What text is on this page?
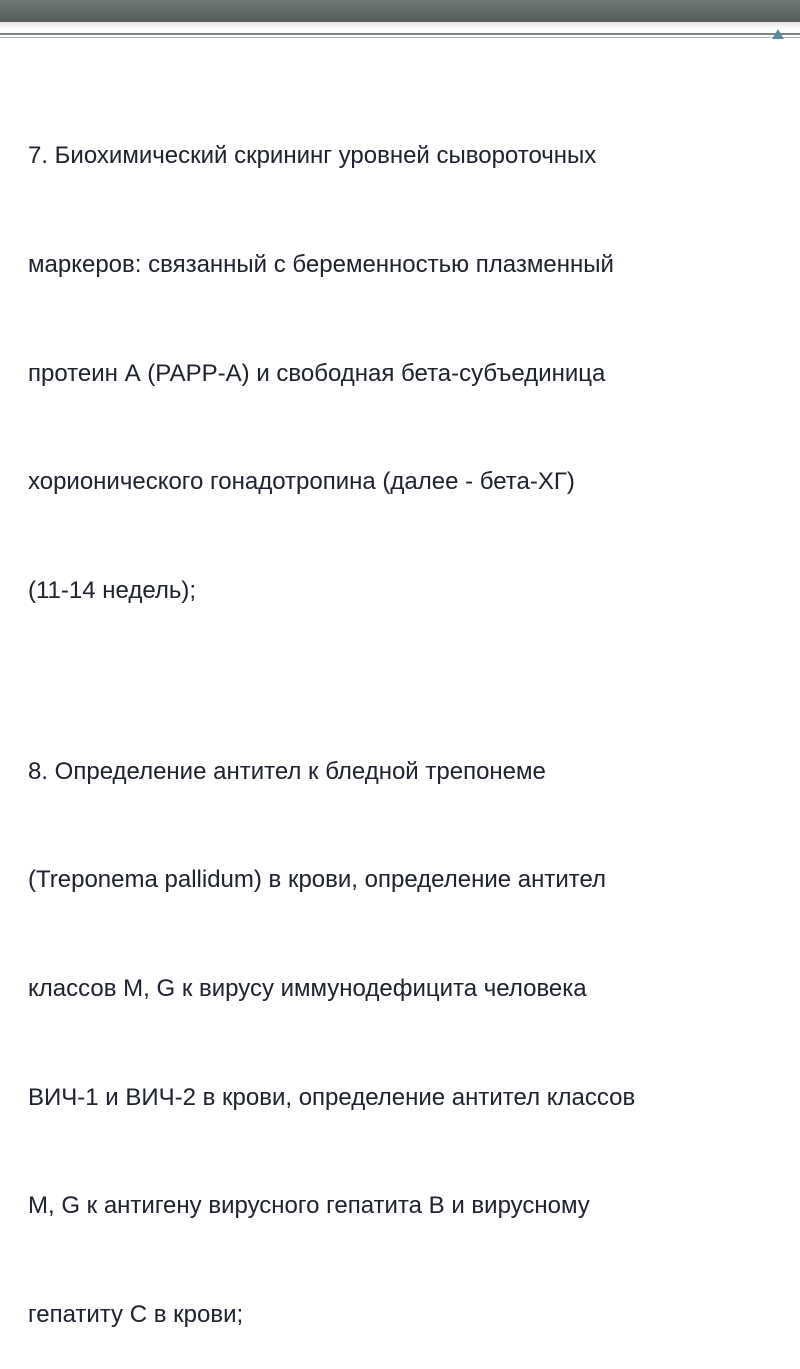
7. Биохимический скрининг уровней сывороточных

маркеров: связанный с беременностью плазменный

протеин А (РАРР-А) и свободная бета-субъединица

хорионического гонадотропина (далее - бета-ХГ)

(11-14 недель);

8. Определение антител к бледной трепонеме

(Treponema pallidum) в крови, определение антител

классов M, G к вирусу иммунодефицита человека

ВИЧ-1 и ВИЧ-2 в крови, определение антител классов

M, G к антигену вирусного гепатита В и вирусному

гепатиту С в крови;
